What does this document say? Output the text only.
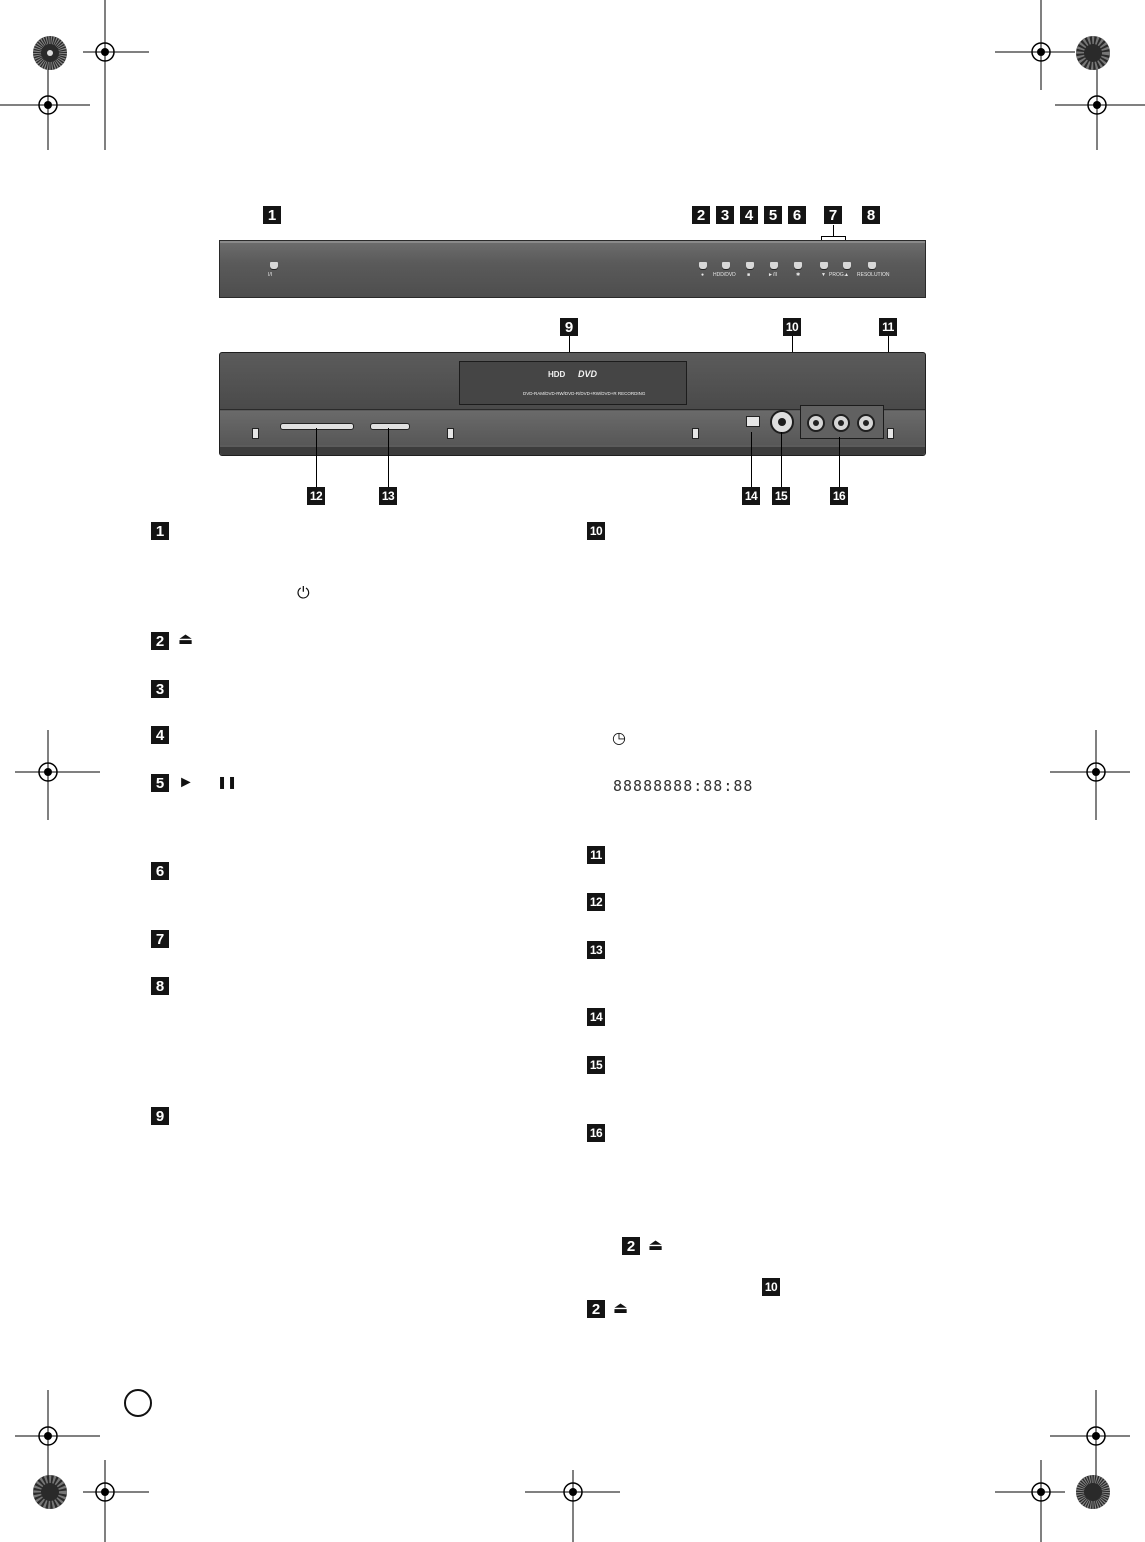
1	2	3	4	5	6	7	8
I/Ι	● HDD/DVD ■	►/II	✱	▼ PROG.
▲ RESOLUTION
9	10	11
HDD DVD
DVD-RAM/DVD-RW/DVD-R/DVD+RW/DVD+R RECORDING
12	13	14 15	16
1
⏻
2 ⏏
3
4
5 ► ❚❚
6
7
8
9
10
◷
88888888:88:88
11
12
13
14
15
16
2 ⏏
10
2 ⏏
